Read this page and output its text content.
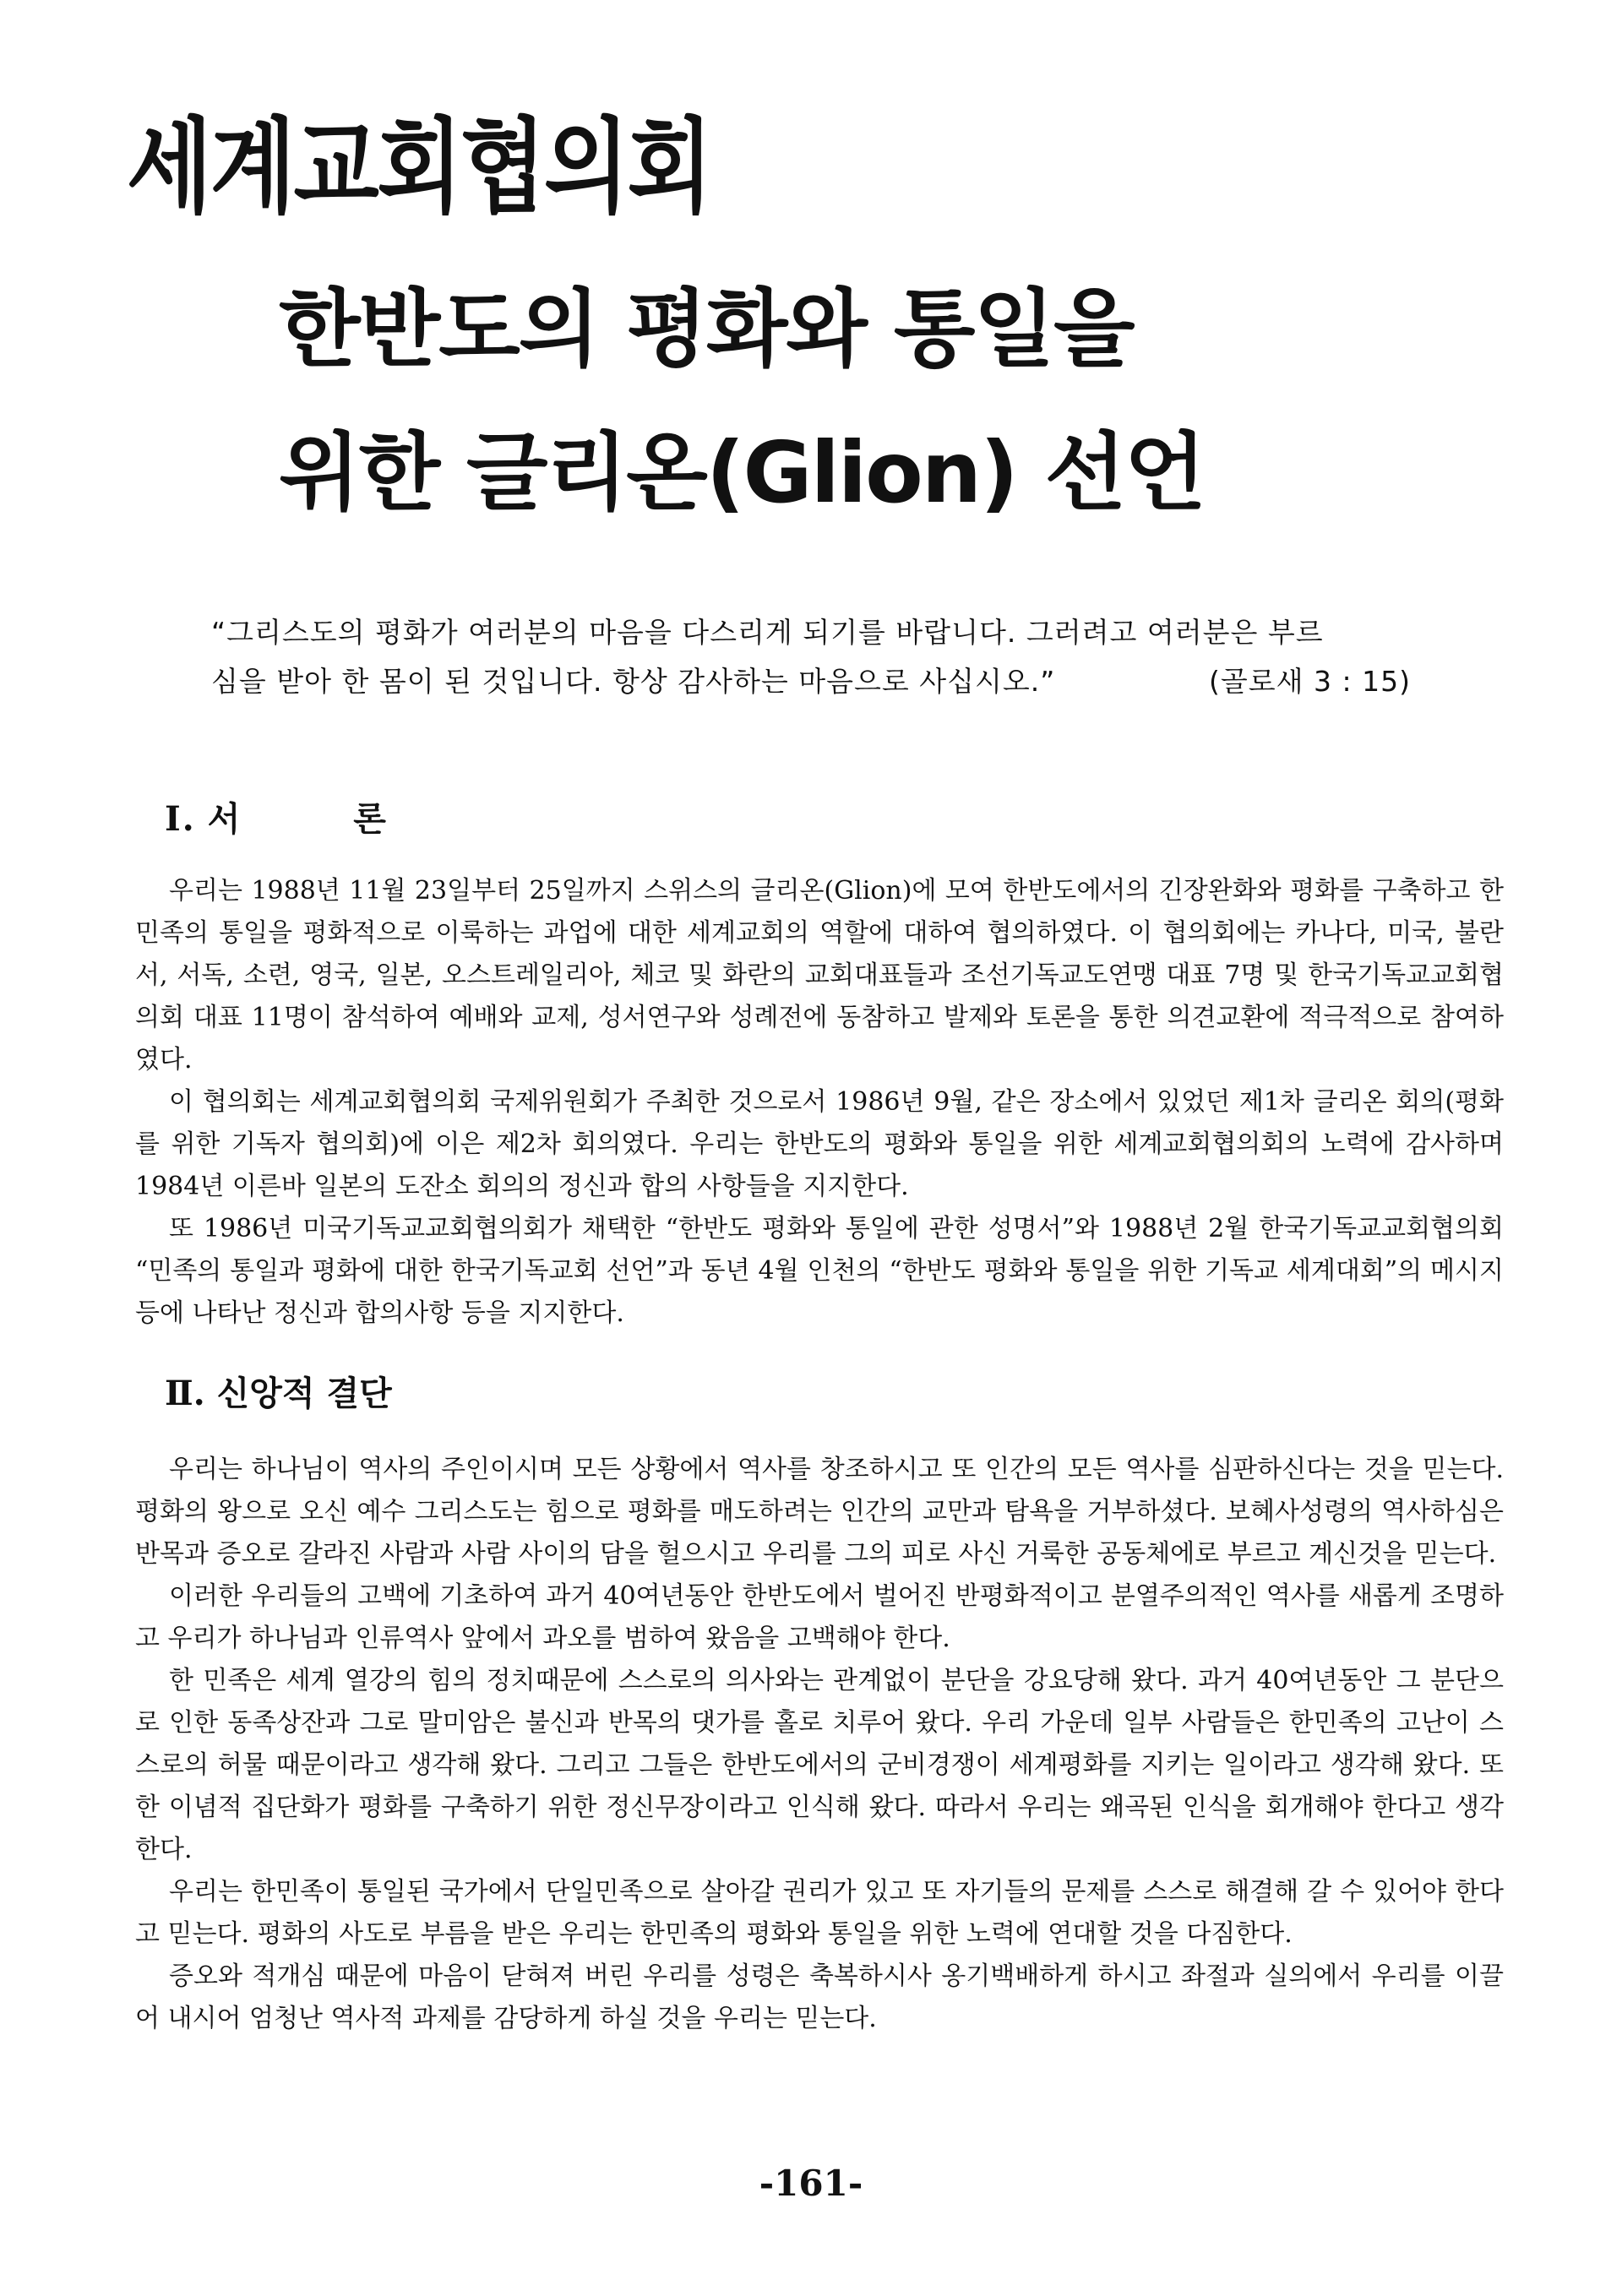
세계교회협의회
한반도의 평화와 통일을
위한 글리온(Glion) 선언

“그리스도의 평화가 여러분의 마음을 다스리게 되기를 바랍니다. 그러려고 여러분은 부르

심을 받아 한 몸이 된 것입니다. 항상 감사하는 마음으로 사십시오.”	(골로새 3 : 15)

Ⅰ. 서 론

우리는 1988년 11월 23일부터 25일까지 스위스의 글리온(Glion)에 모여 한반도에서의 긴장완화와 평화를 구축하고 한 민족의 통일을 평화적으로 이룩하는 과업에 대한 세계교회의 역할에 대하여 협의하였다. 이 협의회에는 카나다, 미국, 불란서, 서독, 소련, 영국, 일본, 오스트레일리아, 체코 및 화란의 교회대표들과 조선기독교도연맹 대표 7명 및 한국기독교교회협의회 대표 11명이 참석하여 예배와 교제, 성서연구와 성례전에 동참하고 발제와 토론을 통한 의견교환에 적극적으로 참여하였다.

이 협의회는 세계교회협의회 국제위원회가 주최한 것으로서 1986년 9월, 같은 장소에서 있었던 제1차 글리온 회의(평화를 위한 기독자 협의회)에 이은 제2차 회의였다. 우리는 한반도의 평화와 통일을 위한 세계교회협의회의 노력에 감사하며 1984년 이른바 일본의 도잔소 회의의 정신과 합의 사항들을 지지한다.

또 1986년 미국기독교교회협의회가 채택한 “한반도 평화와 통일에 관한 성명서”와 1988년 2월 한국기독교교회협의회 “민족의 통일과 평화에 대한 한국기독교회 선언”과 동년 4월 인천의 “한반도 평화와 통일을 위한 기독교 세계대회”의 메시지 등에 나타난 정신과 합의사항 등을 지지한다.

Ⅱ. 신앙적 결단

우리는 하나님이 역사의 주인이시며 모든 상황에서 역사를 창조하시고 또 인간의 모든 역사를 심판하신다는 것을 믿는다. 평화의 왕으로 오신 예수 그리스도는 힘으로 평화를 매도하려는 인간의 교만과 탐욕을 거부하셨다. 보혜사성령의 역사하심은 반목과 증오로 갈라진 사람과 사람 사이의 담을 헐으시고 우리를 그의 피로 사신 거룩한 공동체에로 부르고 계신것을 믿는다.

이러한 우리들의 고백에 기초하여 과거 40여년동안 한반도에서 벌어진 반평화적이고 분열주의적인 역사를 새롭게 조명하고 우리가 하나님과 인류역사 앞에서 과오를 범하여 왔음을 고백해야 한다.

한 민족은 세계 열강의 힘의 정치때문에 스스로의 의사와는 관계없이 분단을 강요당해 왔다. 과거 40여년동안 그 분단으로 인한 동족상잔과 그로 말미암은 불신과 반목의 댓가를 홀로 치루어 왔다. 우리 가운데 일부 사람들은 한민족의 고난이 스스로의 허물 때문이라고 생각해 왔다. 그리고 그들은 한반도에서의 군비경쟁이 세계평화를 지키는 일이라고 생각해 왔다. 또한 이념적 집단화가 평화를 구축하기 위한 정신무장이라고 인식해 왔다. 따라서 우리는 왜곡된 인식을 회개해야 한다고 생각한다.

우리는 한민족이 통일된 국가에서 단일민족으로 살아갈 권리가 있고 또 자기들의 문제를 스스로 해결해 갈 수 있어야 한다고 믿는다. 평화의 사도로 부름을 받은 우리는 한민족의 평화와 통일을 위한 노력에 연대할 것을 다짐한다.

증오와 적개심 때문에 마음이 닫혀져 버린 우리를 성령은 축복하시사 옹기백배하게 하시고 좌절과 실의에서 우리를 이끌어 내시어 엄청난 역사적 과제를 감당하게 하실 것을 우리는 믿는다.

-161-
